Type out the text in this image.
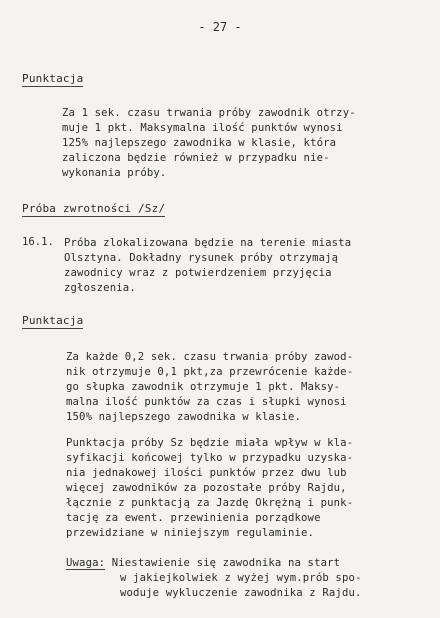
- 27 -
Punktacja
Za 1 sek. czasu trwania próby zawodnik otrzy-
muje 1 pkt. Maksymalna ilość punktów wynosi
125% najlepszego zawodnika w klasie, która
zaliczona będzie również w przypadku nie-
wykonania próby.
Próba zwrotności /Sz/
16.1. Próba zlokalizowana będzie na terenie miasta
Olsztyna. Dokładny rysunek próby otrzymają
zawodnicy wraz z potwierdzeniem przyjęcia
zgłoszenia.
Punktacja
Za każde 0,2 sek. czasu trwania próby zawod-
nik otrzymuje 0,1 pkt,za przewrócenie każde-
go słupka zawodnik otrzymuje 1 pkt. Maksy-
malna ilość punktów za czas i słupki wynosi
150% najlepszego zawodnika w klasie.
Punktacja próby Sz będzie miała wpływ w kla-
syfikacji końcowej tylko w przypadku uzyska-
nia jednakowej ilości punktów przez dwu lub
więcej zawodników za pozostałe próby Rajdu,
łącznie z punktacją za Jazdę Okrężną i punk-
tację za ewent. przewinienia porządkowe
przewidziane w niniejszym regulaminie.
Uwaga: Niestawienie się zawodnika na start
w jakiejkolwiek z wyżej wym.prób spo-
woduje wykluczenie zawodnika z Rajdu.
